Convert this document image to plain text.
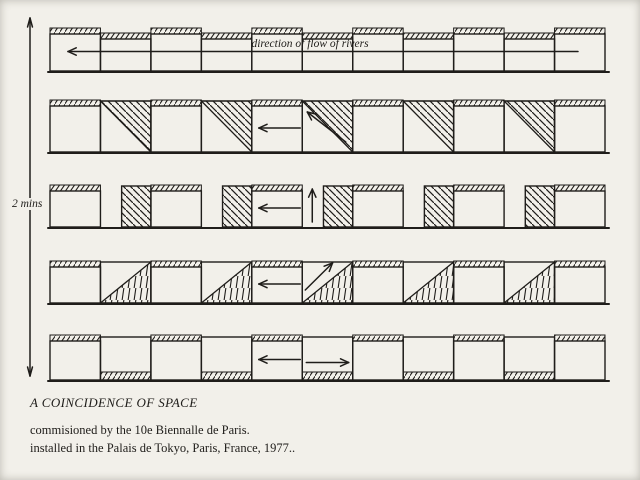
2 mins
direction of flow of rivers
A COINCIDENCE OF SPACE
commisioned by the 10e Biennalle de Paris.
installed in the Palais de Tokyo, Paris, France, 1977..
